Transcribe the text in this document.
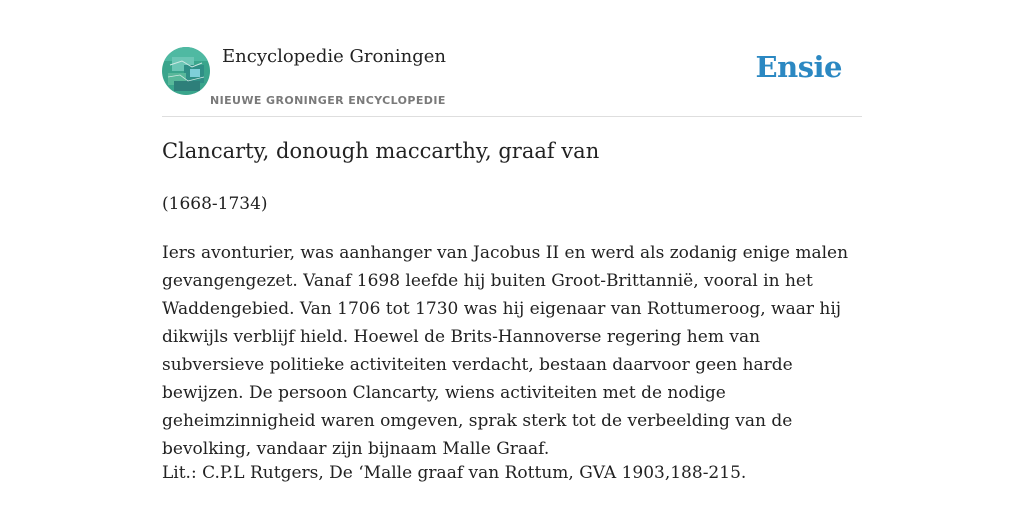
Encyclopedie Groningen
NIEUWE GRONINGER ENCYCLOPEDIE
Ensie
Clancarty, donough maccarthy, graaf van
(1668-1734)

Iers avonturier, was aanhanger van Jacobus II en werd als zodanig enige malen gevangengezet. Vanaf 1698 leefde hij buiten Groot-Brittannië, vooral in het Waddengebied. Van 1706 tot 1730 was hij eigenaar van Rottumeroog, waar hij dikwijls verblijf hield. Hoewel de Brits-Hannoverse regering hem van subversieve politieke activiteiten verdacht, bestaan daarvoor geen harde bewijzen. De persoon Clancarty, wiens activiteiten met de nodige geheimzinnigheid waren omgeven, sprak sterk tot de verbeelding van de bevolking, vandaar zijn bijnaam Malle Graaf.

Lit.: C.P.L Rutgers, De ‘Malle graaf van Rottum, GVA 1903,188-215.
